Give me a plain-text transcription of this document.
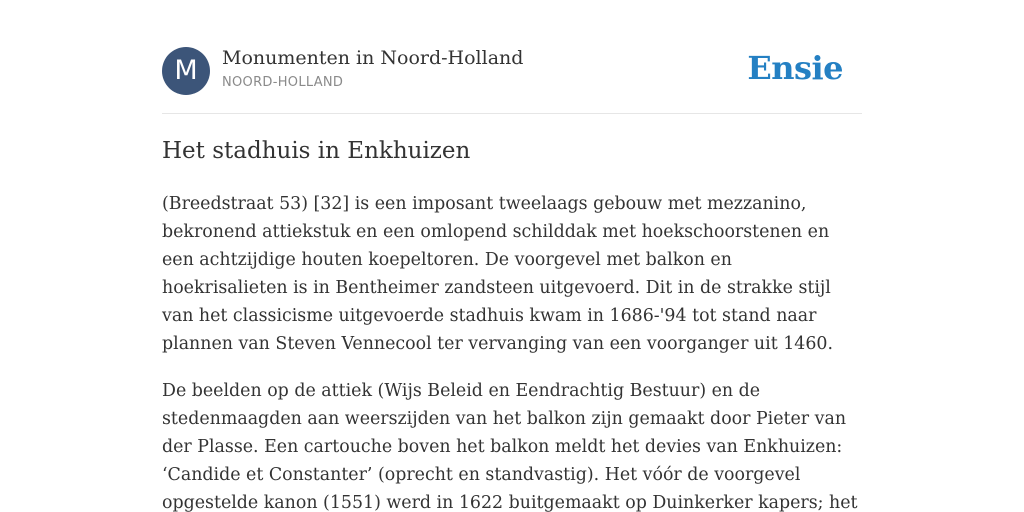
M	Monumenten in Noord-Holland
NOORD-HOLLAND	Ensie
Het stadhuis in Enkhuizen

(Breedstraat 53) [32] is een imposant tweelaags gebouw met mezzanino, bekronend attiekstuk en een omlopend schilddak met hoekschoorstenen en een achtzijdige houten koepeltoren. De voorgevel met balkon en hoekrisalieten is in Bentheimer zandsteen uitgevoerd. Dit in de strakke stijl van het classicisme uitgevoerde stadhuis kwam in 1686-'94 tot stand naar plannen van Steven Vennecool ter vervanging van een voorganger uit 1460.

De beelden op de attiek (Wijs Beleid en Eendrachtig Bestuur) en de stedenmaagden aan weerszijden van het balkon zijn gemaakt door Pieter van der Plasse. Een cartouche boven het balkon meldt het devies van Enkhuizen: ‘Candide et Constanter’ (oprecht en standvastig). Het vóór de voorgevel opgestelde kanon (1551) werd in 1622 buitgemaakt op Duinkerker kapers; het
